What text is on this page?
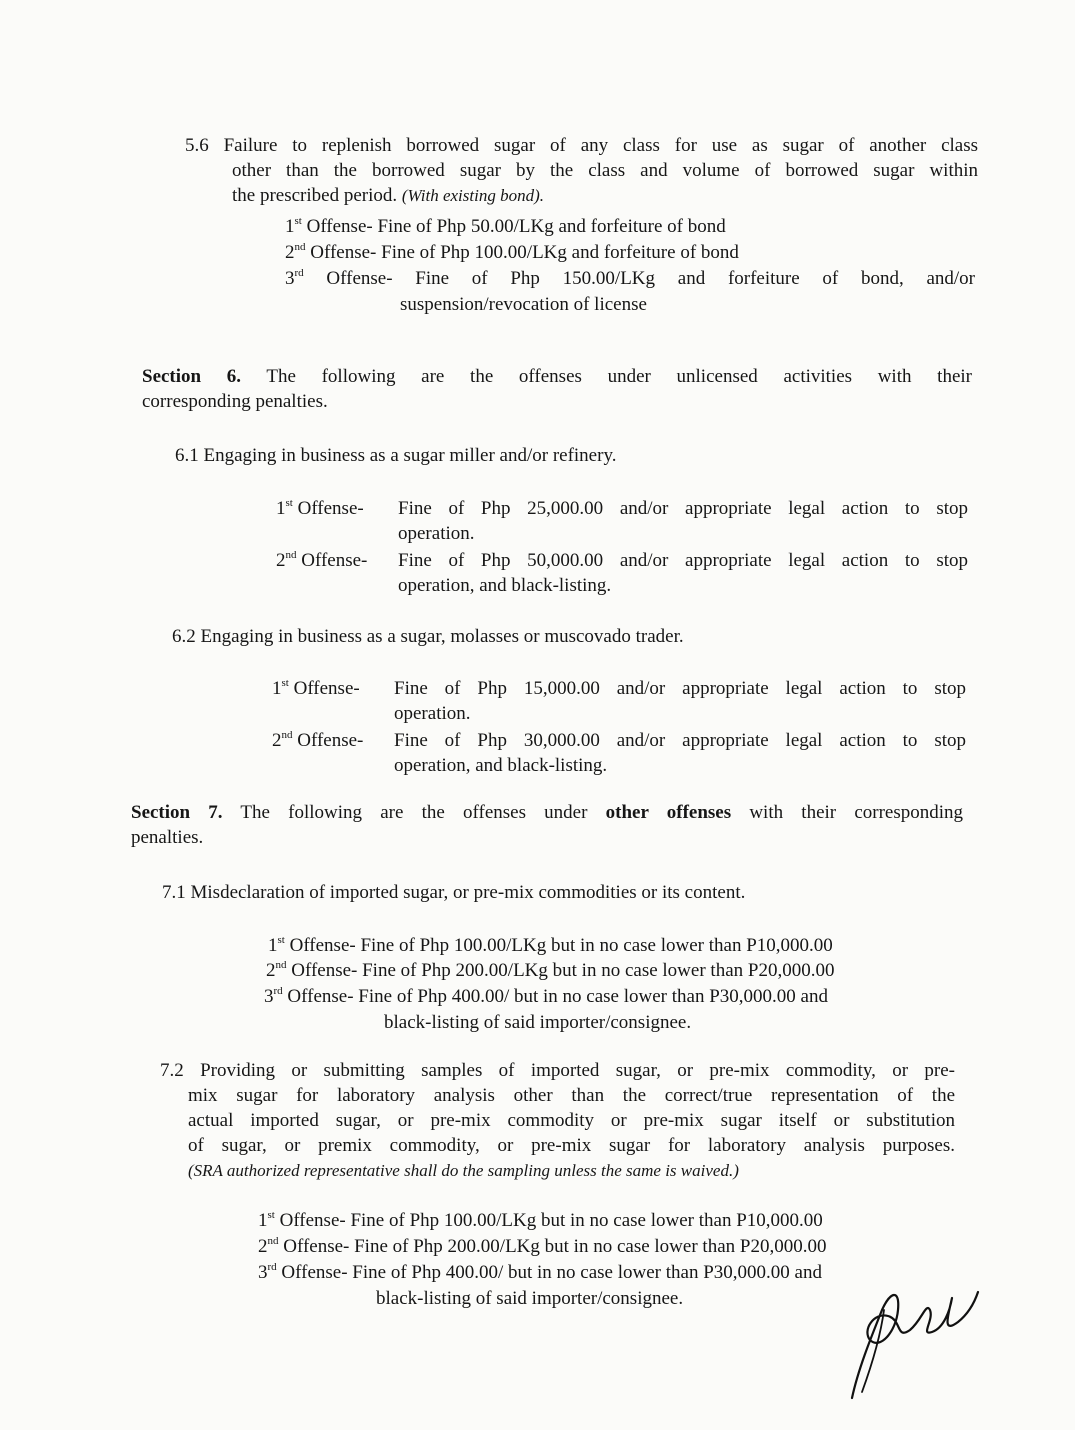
5.6 Failure to replenish borrowed sugar of any class for use as sugar of another class
other than the borrowed sugar by the class and volume of borrowed sugar within
the prescribed period. (With existing bond).
1st Offense- Fine of Php 50.00/LKg and forfeiture of bond
2nd Offense- Fine of Php 100.00/LKg and forfeiture of bond
3rd Offense- Fine of Php 150.00/LKg and forfeiture of bond, and/or
suspension/revocation of license
Section 6. The following are the offenses under unlicensed activities with their
corresponding penalties.
6.1 Engaging in business as a sugar miller and/or refinery.
1st Offense- Fine of Php 25,000.00 and/or appropriate legal action to stop
operation.
2nd Offense- Fine of Php 50,000.00 and/or appropriate legal action to stop
operation, and black-listing.
6.2 Engaging in business as a sugar, molasses or muscovado trader.
1st Offense- Fine of Php 15,000.00 and/or appropriate legal action to stop
operation.
2nd Offense- Fine of Php 30,000.00 and/or appropriate legal action to stop
operation, and black-listing.
Section 7. The following are the offenses under other offenses with their corresponding
penalties.
7.1 Misdeclaration of imported sugar, or pre-mix commodities or its content.
1st Offense- Fine of Php 100.00/LKg but in no case lower than P10,000.00
2nd Offense- Fine of Php 200.00/LKg but in no case lower than P20,000.00
3rd Offense- Fine of Php 400.00/ but in no case lower than P30,000.00 and
black-listing of said importer/consignee.
7.2 Providing or submitting samples of imported sugar, or pre-mix commodity, or pre-
mix sugar for laboratory analysis other than the correct/true representation of the
actual imported sugar, or pre-mix commodity or pre-mix sugar itself or substitution
of sugar, or premix commodity, or pre-mix sugar for laboratory analysis purposes.
(SRA authorized representative shall do the sampling unless the same is waived.)
1st Offense- Fine of Php 100.00/LKg but in no case lower than P10,000.00
2nd Offense- Fine of Php 200.00/LKg but in no case lower than P20,000.00
3rd Offense- Fine of Php 400.00/ but in no case lower than P30,000.00 and
black-listing of said importer/consignee.
